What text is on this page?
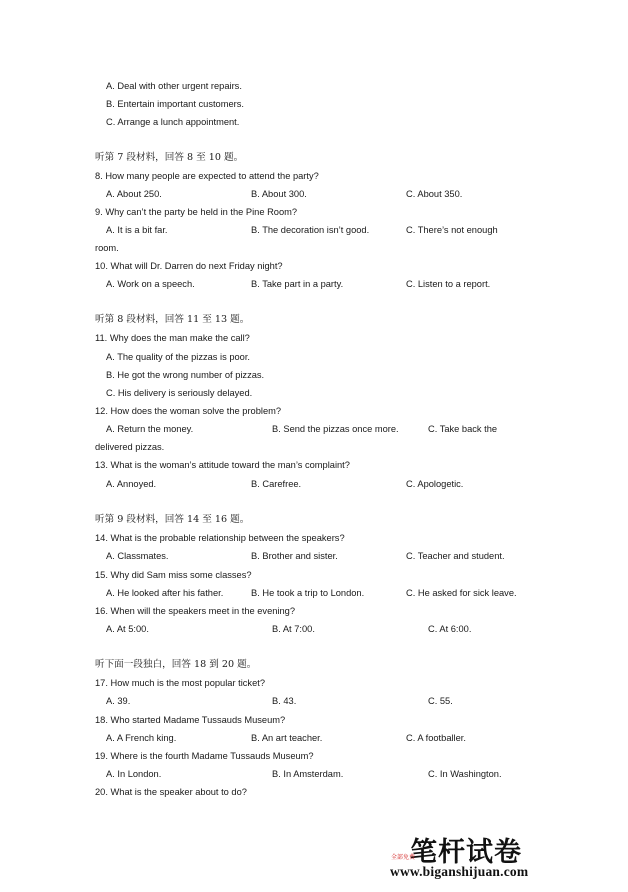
A. Deal with other urgent repairs.
B. Entertain important customers.
C. Arrange a lunch appointment.
听第 7 段材料，回答 8 至 10 题。
8. How many people are expected to attend the party?
A. About 250.	B. About 300.	C. About 350.
9. Why can’t the party be held in the Pine Room?
A. It is a bit far.	B. The decoration isn’t good.	C. There’s not enough
room.
10. What will Dr. Darren do next Friday night?
A. Work on a speech.	B. Take part in a party.	C. Listen to a report.
听第 8 段材料，回答 11 至 13 题。
11. Why does the man make the call?
A. The quality of the pizzas is poor.
B. He got the wrong number of pizzas.
C. His delivery is seriously delayed.
12. How does the woman solve the problem?
A. Return the money.	B. Send the pizzas once more.	C. Take back the
delivered pizzas.
13. What is the woman’s attitude toward the man’s complaint?
A. Annoyed.	B. Carefree.	C. Apologetic.
听第 9 段材料，回答 14 至 16 题。
14. What is the probable relationship between the speakers?
A. Classmates.	B. Brother and sister.	C. Teacher and student.
15. Why did Sam miss some classes?
A. He looked after his father.	B. He took a trip to London.	C. He asked for sick leave.
16. When will the speakers meet in the evening?
A. At 5:00.	B. At 7:00.	C. At 6:00.
听下面一段独白，回答 18 到 20 题。
17. How much is the most popular ticket?
A. 39.	B. 43.	C. 55.
18. Who started Madame Tussauds Museum?
A. A French king.	B. An art teacher.	C. A footballer.
19. Where is the fourth Madame Tussauds Museum?
A. In London.	B. In Amsterdam.	C. In Washington.
20. What is the speaker about to do?
笔杆试卷
全部免费
www.biganshijuan.com
